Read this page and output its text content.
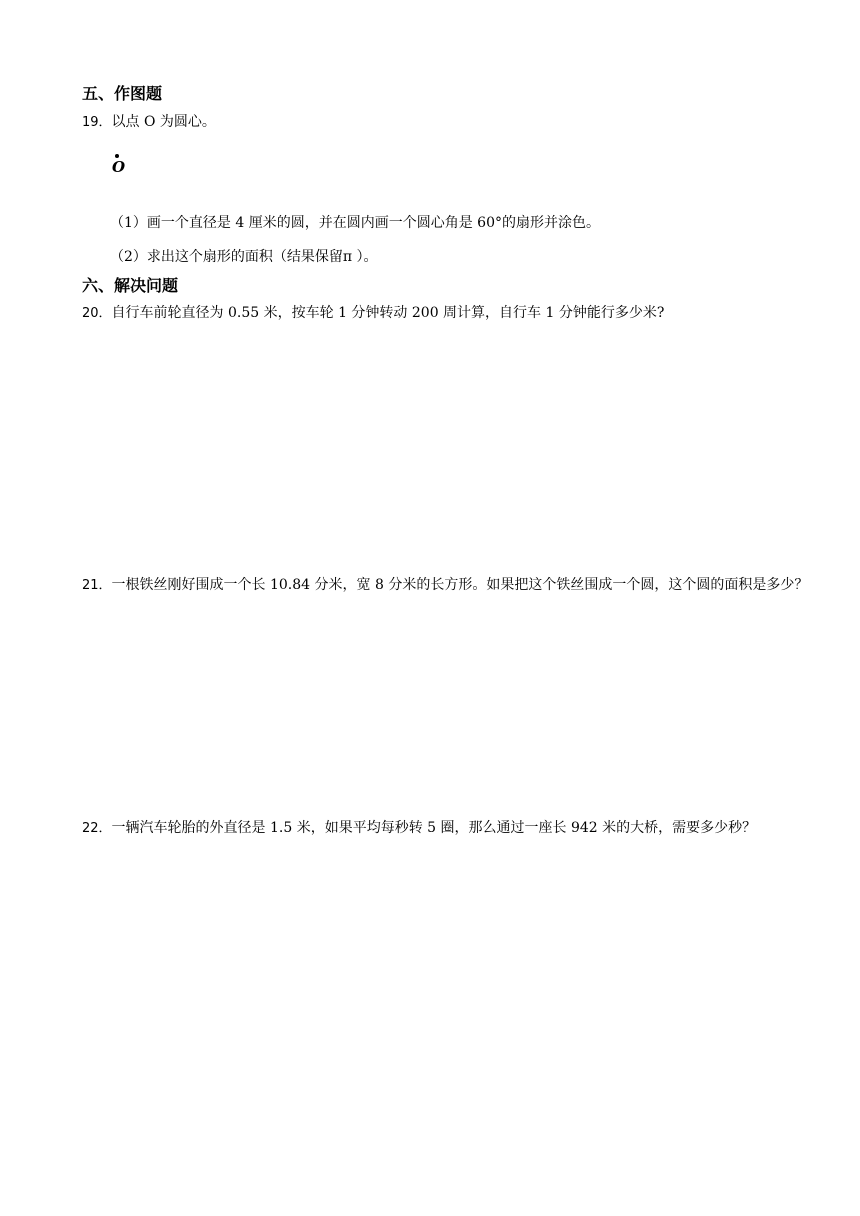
五、作图题
19．以点 O 为圆心。
O
（1）画一个直径是 4 厘米的圆，并在圆内画一个圆心角是 60°的扇形并涂色。
（2）求出这个扇形的面积（结果保留π ）。
六、解决问题
20．自行车前轮直径为 0.55 米，按车轮 1 分钟转动 200 周计算，自行车 1 分钟能行多少米?
21．一根铁丝刚好围成一个长 10.84 分米，宽 8 分米的长方形。如果把这个铁丝围成一个圆，这个圆的面积是多少？
22．一辆汽车轮胎的外直径是 1.5 米，如果平均每秒转 5 圈，那么通过一座长 942 米的大桥，需要多少秒？
